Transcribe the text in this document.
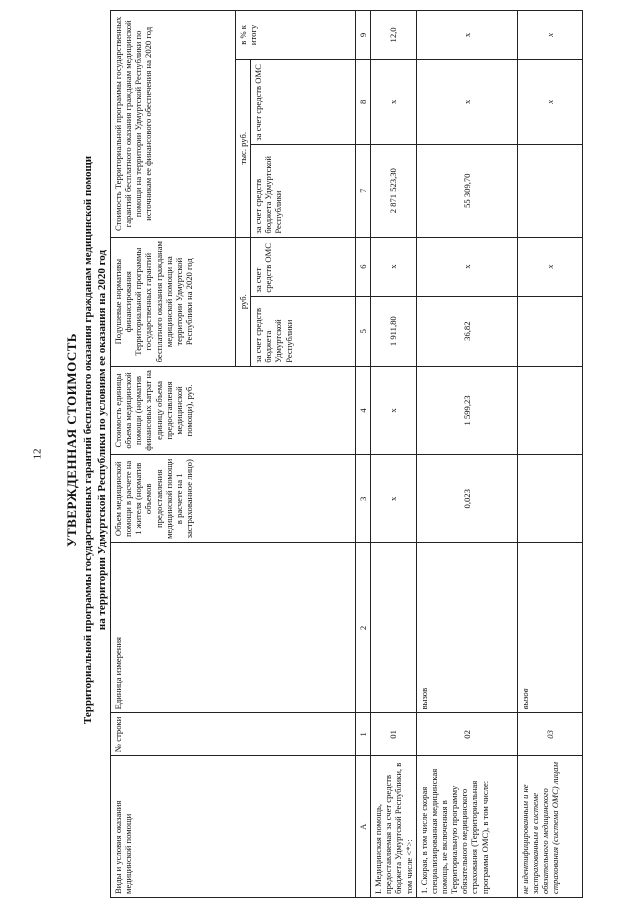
12 УТВЕРЖДЕННАЯ СТОИМОСТЬ Территориальной программы государственных гарантий бесплатного оказания гражданам медицинской помощи на территории Удмуртской Республики по условиям ее оказания на 2020 год
Виды и условия оказания медицинской помощи	№ строки	Единица измерения	Объем медицинской помощи в расчете на 1 жителя (норматив объемов предоставления медицинской помощи в расчете на 1 застрахованное лицо)	Стоимость единицы объема медицинской помощи (норматив финансовых затрат на единицу объема предоставления медицинской помощи), руб.	Подушевые нормативы финансирования Территориальной программы государственных гарантий бесплатного оказания гражданам медицинской помощи на территории Удмуртской Республики на 2020 год		Стоимость Территориальной программы государственных гарантий бесплатного оказания гражданам медицинской помощи на территории Удмуртской Республики по источникам ее финансового обеспечения на 2020 год		
					руб.		тыс. руб.		в % к итогу
					за счет средств бюджета Удмуртской Республики	за счет средств ОМС	за счет средств бюджета Удмуртской Республики	за счет средств ОМС	
А	1	2	3	4	5	6	7	8	9
I. Медицинская помощь, предоставляемая за счет средств бюджета Удмуртской Республики, в том числе <*>:	01		х	х	1 911,80	х	2 871 523,30	х	12,0
1. Скорая, в том числе скорая специализированная медицинская помощь, не включенная в Территориальную программу обязательного медицинского страхования (Территориальная программа ОМС), в том числе:	02	вызов	0,023	1 599,23	36,82	х	55 309,70	х	х
не идентифицированным и не застрахованным в системе обязательного медицинского страхования (система ОМС) лицам	03	вызов				х		х	х
